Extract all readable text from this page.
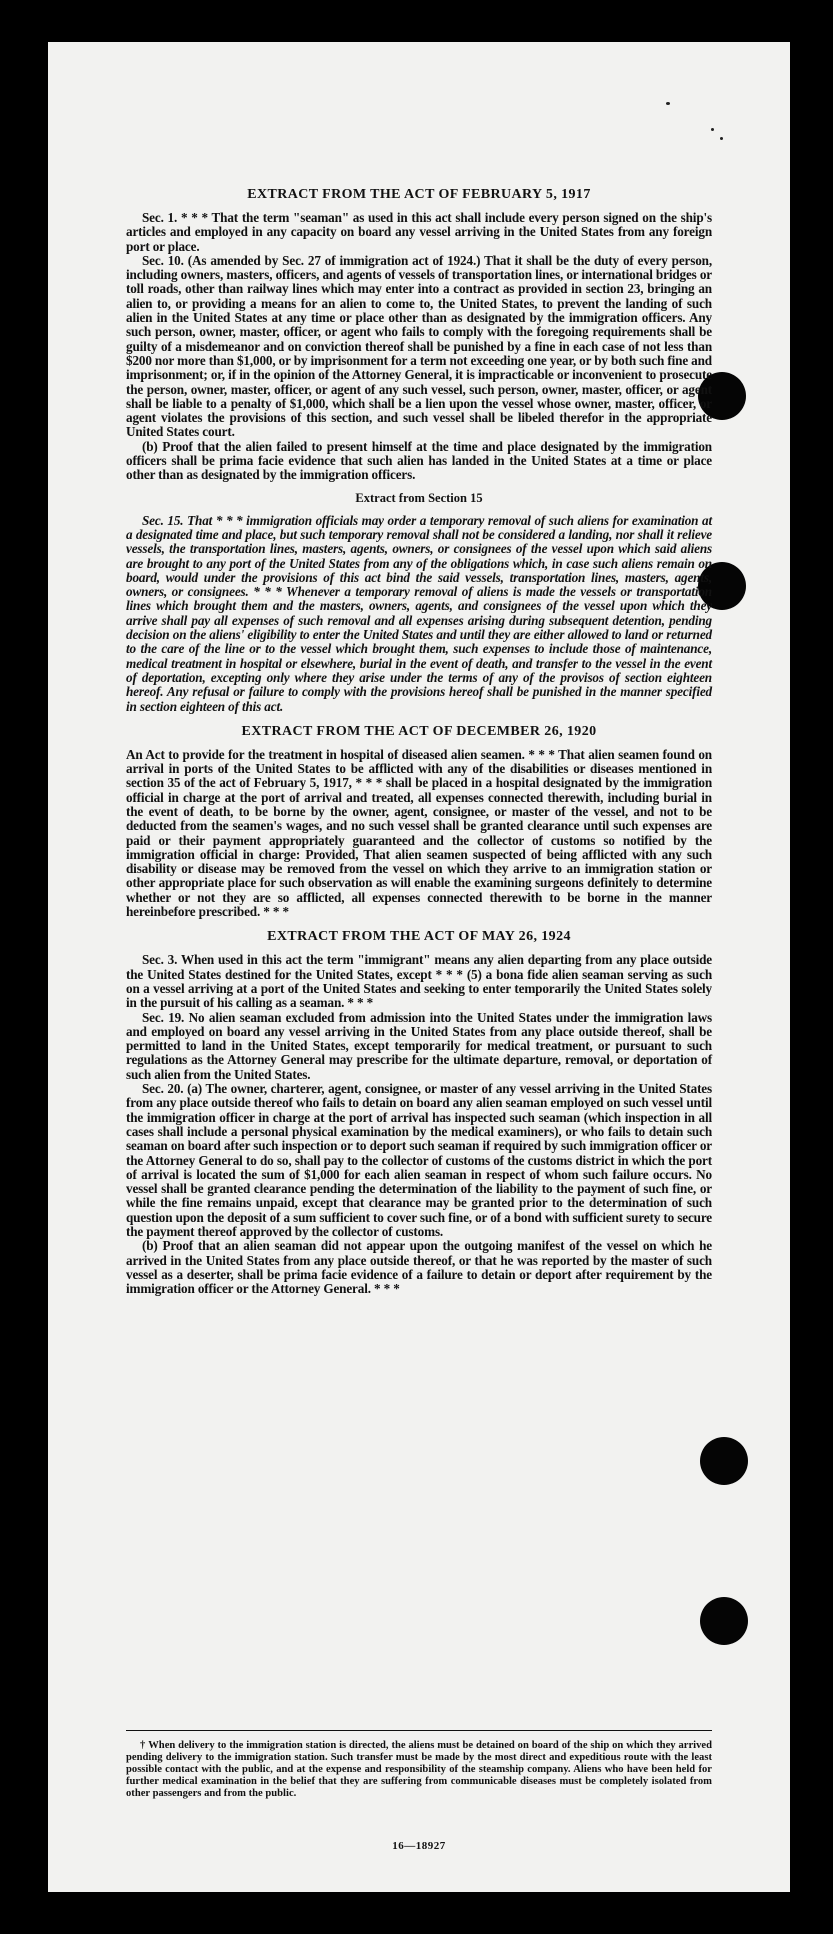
EXTRACT FROM THE ACT OF FEBRUARY 5, 1917

Sec. 1. * * * That the term "seaman" as used in this act shall include every person signed on the ship's articles and employed in any capacity on board any vessel arriving in the United States from any foreign port or place.

Sec. 10. (As amended by Sec. 27 of immigration act of 1924.) That it shall be the duty of every person, including owners, masters, officers, and agents of vessels of transportation lines, or international bridges or toll roads, other than railway lines which may enter into a contract as provided in section 23, bringing an alien to, or providing a means for an alien to come to, the United States, to prevent the landing of such alien in the United States at any time or place other than as designated by the immigration officers. Any such person, owner, master, officer, or agent who fails to comply with the foregoing requirements shall be guilty of a misdemeanor and on conviction thereof shall be punished by a fine in each case of not less than $200 nor more than $1,000, or by imprisonment for a term not exceeding one year, or by both such fine and imprisonment; or, if in the opinion of the Attorney General, it is impracticable or inconvenient to prosecute the person, owner, master, officer, or agent of any such vessel, such person, owner, master, officer, or agent shall be liable to a penalty of $1,000, which shall be a lien upon the vessel whose owner, master, officer, or agent violates the provisions of this section, and such vessel shall be libeled therefor in the appropriate United States court.

(b) Proof that the alien failed to present himself at the time and place designated by the immigration officers shall be prima facie evidence that such alien has landed in the United States at a time or place other than as designated by the immigration officers.

Extract from Section 15

Sec. 15. That * * * immigration officials may order a temporary removal of such aliens for examination at a designated time and place, but such temporary removal shall not be considered a landing, nor shall it relieve vessels, the transportation lines, masters, agents, owners, or consignees of the vessel upon which said aliens are brought to any port of the United States from any of the obligations which, in case such aliens remain on board, would under the provisions of this act bind the said vessels, transportation lines, masters, agents, owners, or consignees. * * * Whenever a temporary removal of aliens is made the vessels or transportation lines which brought them and the masters, owners, agents, and consignees of the vessel upon which they arrive shall pay all expenses of such removal and all expenses arising during subsequent detention, pending decision on the aliens' eligibility to enter the United States and until they are either allowed to land or returned to the care of the line or to the vessel which brought them, such expenses to include those of maintenance, medical treatment in hospital or elsewhere, burial in the event of death, and transfer to the vessel in the event of deportation, excepting only where they arise under the terms of any of the provisos of section eighteen hereof. Any refusal or failure to comply with the provisions hereof shall be punished in the manner specified in section eighteen of this act.

EXTRACT FROM THE ACT OF DECEMBER 26, 1920

An Act to provide for the treatment in hospital of diseased alien seamen. * * * That alien seamen found on arrival in ports of the United States to be afflicted with any of the disabilities or diseases mentioned in section 35 of the act of February 5, 1917, * * * shall be placed in a hospital designated by the immigration official in charge at the port of arrival and treated, all expenses connected therewith, including burial in the event of death, to be borne by the owner, agent, consignee, or master of the vessel, and not to be deducted from the seamen's wages, and no such vessel shall be granted clearance until such expenses are paid or their payment appropriately guaranteed and the collector of customs so notified by the immigration official in charge: Provided, That alien seamen suspected of being afflicted with any such disability or disease may be removed from the vessel on which they arrive to an immigration station or other appropriate place for such observation as will enable the examining surgeons definitely to determine whether or not they are so afflicted, all expenses connected therewith to be borne in the manner hereinbefore prescribed. * * *

EXTRACT FROM THE ACT OF MAY 26, 1924

Sec. 3. When used in this act the term "immigrant" means any alien departing from any place outside the United States destined for the United States, except * * * (5) a bona fide alien seaman serving as such on a vessel arriving at a port of the United States and seeking to enter temporarily the United States solely in the pursuit of his calling as a seaman. * * *

Sec. 19. No alien seaman excluded from admission into the United States under the immigration laws and employed on board any vessel arriving in the United States from any place outside thereof, shall be permitted to land in the United States, except temporarily for medical treatment, or pursuant to such regulations as the Attorney General may prescribe for the ultimate departure, removal, or deportation of such alien from the United States.

Sec. 20. (a) The owner, charterer, agent, consignee, or master of any vessel arriving in the United States from any place outside thereof who fails to detain on board any alien seaman employed on such vessel until the immigration officer in charge at the port of arrival has inspected such seaman (which inspection in all cases shall include a personal physical examination by the medical examiners), or who fails to detain such seaman on board after such inspection or to deport such seaman if required by such immigration officer or the Attorney General to do so, shall pay to the collector of customs of the customs district in which the port of arrival is located the sum of $1,000 for each alien seaman in respect of whom such failure occurs. No vessel shall be granted clearance pending the determination of the liability to the payment of such fine, or while the fine remains unpaid, except that clearance may be granted prior to the determination of such question upon the deposit of a sum sufficient to cover such fine, or of a bond with sufficient surety to secure the payment thereof approved by the collector of customs.

(b) Proof that an alien seaman did not appear upon the outgoing manifest of the vessel on which he arrived in the United States from any place outside thereof, or that he was reported by the master of such vessel as a deserter, shall be prima facie evidence of a failure to detain or deport after requirement by the immigration officer or the Attorney General. * * *

† When delivery to the immigration station is directed, the aliens must be detained on board of the ship on which they arrived pending delivery to the immigration station. Such transfer must be made by the most direct and expeditious route with the least possible contact with the public, and at the expense and responsibility of the steamship company. Aliens who have been held for further medical examination in the belief that they are suffering from communicable diseases must be completely isolated from other passengers and from the public.
16—18927
